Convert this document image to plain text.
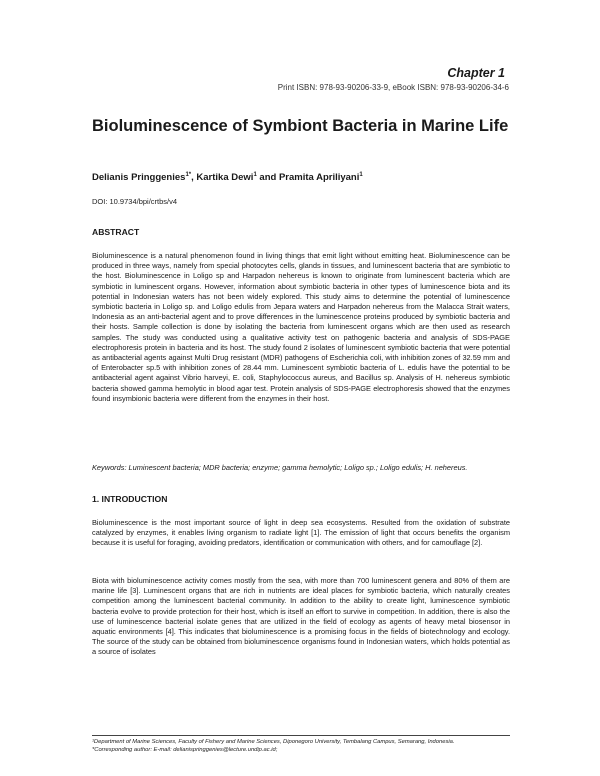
Chapter 1
Print ISBN: 978-93-90206-33-9, eBook ISBN: 978-93-90206-34-6
Bioluminescence of Symbiont Bacteria in Marine Life
Delianis Pringgenies$^{1*}$, Kartika Dewi$^1$ and Pramita Apriliyani$^1$
DOI: 10.9734/bpi/crtbs/v4
ABSTRACT

Bioluminescence is a natural phenomenon found in living things that emit light without emitting heat. Bioluminescence can be produced in three ways, namely from special photocytes cells, glands in tissues, and luminescent bacteria that are symbiotic to the host. Bioluminescence in Loligo sp and Harpadon nehereus is known to originate from luminescent bacteria which are symbiotic in luminescent organs. However, information about symbiotic bacteria in other types of luminescence biota and its potential in Indonesian waters has not been widely explored. This study aims to determine the potential of luminescence symbiotic bacteria in Loligo sp. and Loligo edulis from Jepara waters and Harpadon nehereus from the Malacca Strait waters, Indonesia as an anti-bacterial agent and to prove differences in the luminescence proteins produced by symbiotic bacteria and their hosts. Sample collection is done by isolating the bacteria from luminescent organs which are then used as research samples. The study was conducted using a qualitative activity test on pathogenic bacteria and analysis of SDS-PAGE electrophoresis protein in bacteria and its host. The study found 2 isolates of luminescent symbiotic bacteria that were potential as antibacterial agents against Multi Drug resistant (MDR) pathogens of Escherichia coli, with inhibition zones of 32.59 mm and of Enterobacter sp.5 with inhibition zones of 28.44 mm. Luminescent symbiotic bacteria of L. edulis have the potential to be antibacterial agent against Vibrio harveyi, E. coli, Staphylococcus aureus, and Bacillus sp. Analysis of H. nehereus symbiotic bacteria showed gamma hemolytic in blood agar test. Protein analysis of SDS-PAGE electrophoresis showed that the enzymes found insymbionic bacteria were different from the enzymes in their host.

Keywords: Luminescent bacteria; MDR bacteria; enzyme; gamma hemolytic; Loligo sp.; Loligo edulis; H. nehereus.

1. INTRODUCTION

Bioluminescence is the most important source of light in deep sea ecosystems. Resulted from the oxidation of substrate catalyzed by enzymes, it enables living organism to radiate light [1]. The emission of light that occurs benefits the organism because it is useful for foraging, avoiding predators, identification or communication with others, and for camouflage [2].

Biota with bioluminescence activity comes mostly from the sea, with more than 700 luminescent genera and 80% of them are marine life [3]. Luminescent organs that are rich in nutrients are ideal places for symbiotic bacteria, which naturally creates competition among the luminescent bacterial community. In addition to the ability to create light, luminescence symbiotic bacteria evolve to provide protection for their host, which is itself an effort to survive in competition. In addition, there is also the use of luminescence bacterial isolate genes that are utilized in the field of ecology as agents of heavy metal biosensor in aquatic environments [4]. This indicates that bioluminescence is a promising focus in the fields of biotechnology and ecology. The source of the study can be obtained from bioluminescence organisms found in Indonesian waters, which holds potential as a source of isolates

¹Department of Marine Sciences, Faculty of Fishery and Marine Sciences, Diponegoro University, Tembalang Campus, Semarang, Indonesia.

*Corresponding author: E-mail: delianispringgenies@lecture.undip.ac.id;
